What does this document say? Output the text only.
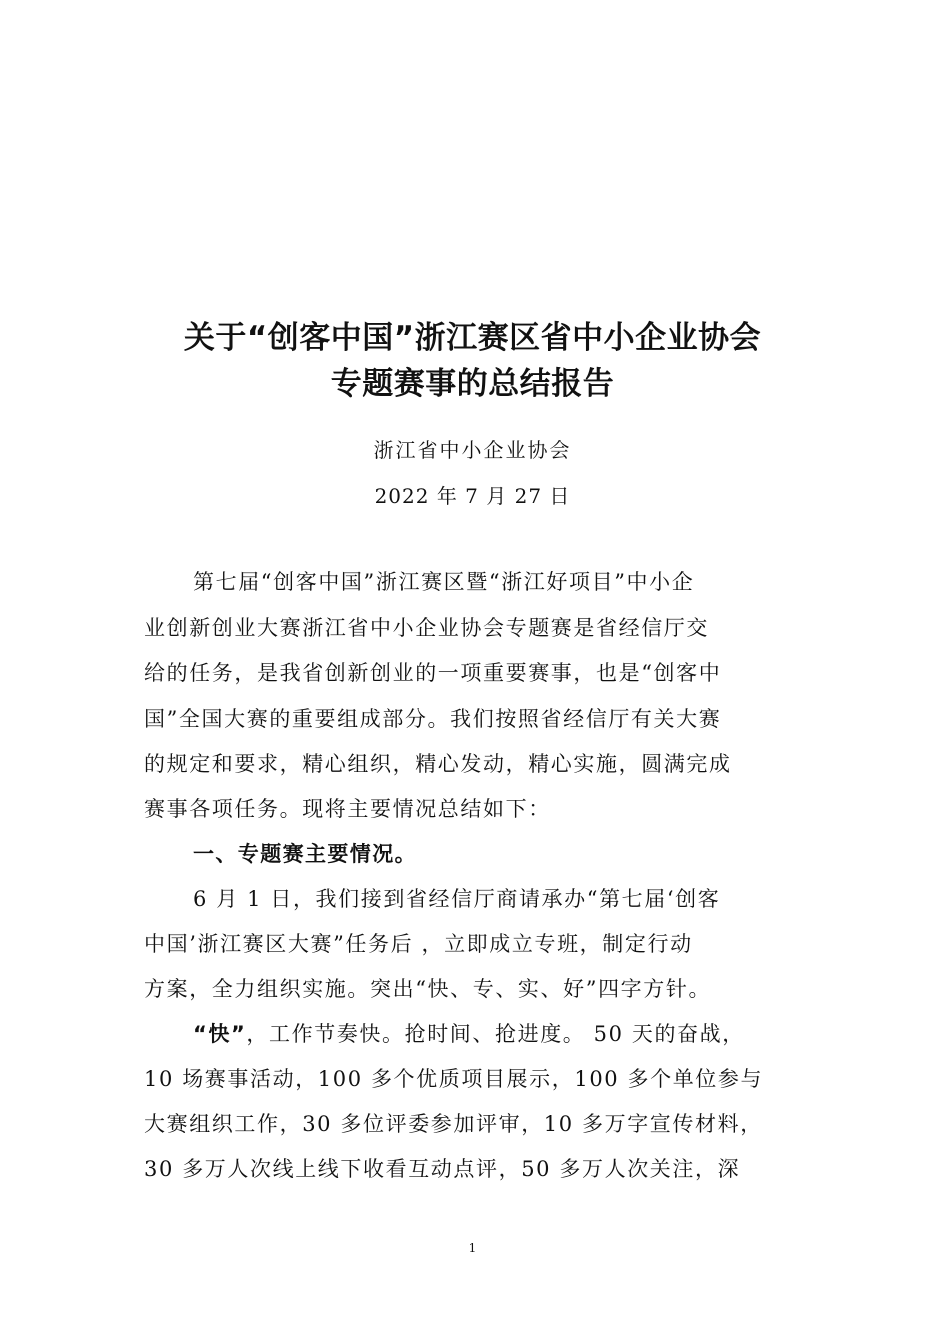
关于“创客中国”浙江赛区省中小企业协会
专题赛事的总结报告
浙江省中小企业协会
2022 年 7 月 27 日
第七届“创客中国”浙江赛区暨“浙江好项目”中小企
业创新创业大赛浙江省中小企业协会专题赛是省经信厅交
给的任务，是我省创新创业的一项重要赛事，也是“创客中
国”全国大赛的重要组成部分。我们按照省经信厅有关大赛
的规定和要求，精心组织，精心发动，精心实施，圆满完成
赛事各项任务。现将主要情况总结如下：
一、专题赛主要情况。
6 月 1 日，我们接到省经信厅商请承办“第七届‘创客
中国’浙江赛区大赛”任务后 ，立即成立专班，制定行动
方案，全力组织实施。突出“快、专、实、好”四字方针。
“快”，工作节奏快。抢时间、抢进度。 50 天的奋战，
10 场赛事活动，100 多个优质项目展示，100 多个单位参与
大赛组织工作，30 多位评委参加评审，10 多万字宣传材料，
30 多万人次线上线下收看互动点评，50 多万人次关注，深
1
